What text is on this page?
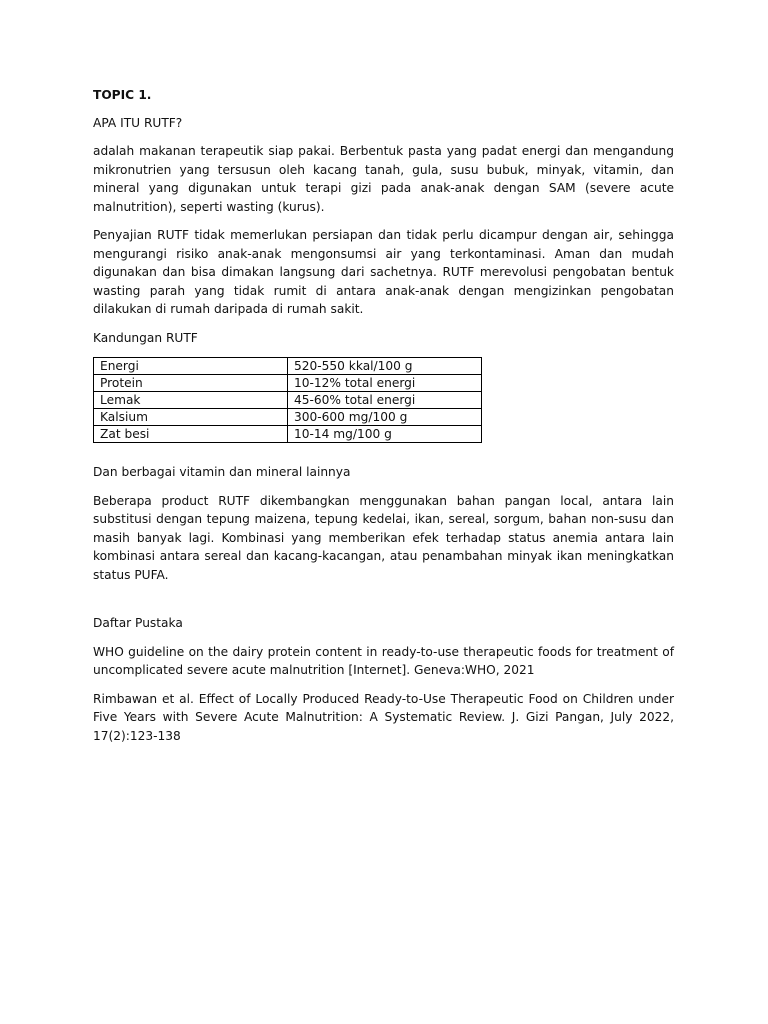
TOPIC 1.

APA ITU RUTF?

adalah makanan terapeutik siap pakai. Berbentuk pasta yang padat energi dan mengandung mikronutrien yang tersusun oleh kacang tanah, gula, susu bubuk, minyak, vitamin, dan mineral yang digunakan untuk terapi gizi pada anak-anak dengan SAM (severe acute malnutrition), seperti wasting (kurus).

Penyajian RUTF tidak memerlukan persiapan dan tidak perlu dicampur dengan air, sehingga mengurangi risiko anak-anak mengonsumsi air yang terkontaminasi. Aman dan mudah digunakan dan bisa dimakan langsung dari sachetnya. RUTF merevolusi pengobatan bentuk wasting parah yang tidak rumit di antara anak-anak dengan mengizinkan pengobatan dilakukan di rumah daripada di rumah sakit.

Kandungan RUTF

Energi	520-550 kkal/100 g
Protein	10-12% total energi
Lemak	45-60% total energi
Kalsium	300-600 mg/100 g
Zat besi	10-14 mg/100 g

Dan berbagai vitamin dan mineral lainnya

Beberapa product RUTF dikembangkan menggunakan bahan pangan local, antara lain substitusi dengan tepung maizena, tepung kedelai, ikan, sereal, sorgum, bahan non-susu dan masih banyak lagi. Kombinasi yang memberikan efek terhadap status anemia antara lain kombinasi antara sereal dan kacang-kacangan, atau penambahan minyak ikan meningkatkan status PUFA.

Daftar Pustaka

WHO guideline on the dairy protein content in ready-to-use therapeutic foods for treatment of uncomplicated severe acute malnutrition [Internet]. Geneva:WHO, 2021

Rimbawan et al. Effect of Locally Produced Ready-to-Use Therapeutic Food on Children under Five Years with Severe Acute Malnutrition: A Systematic Review. J. Gizi Pangan, July 2022, 17(2):123-138
